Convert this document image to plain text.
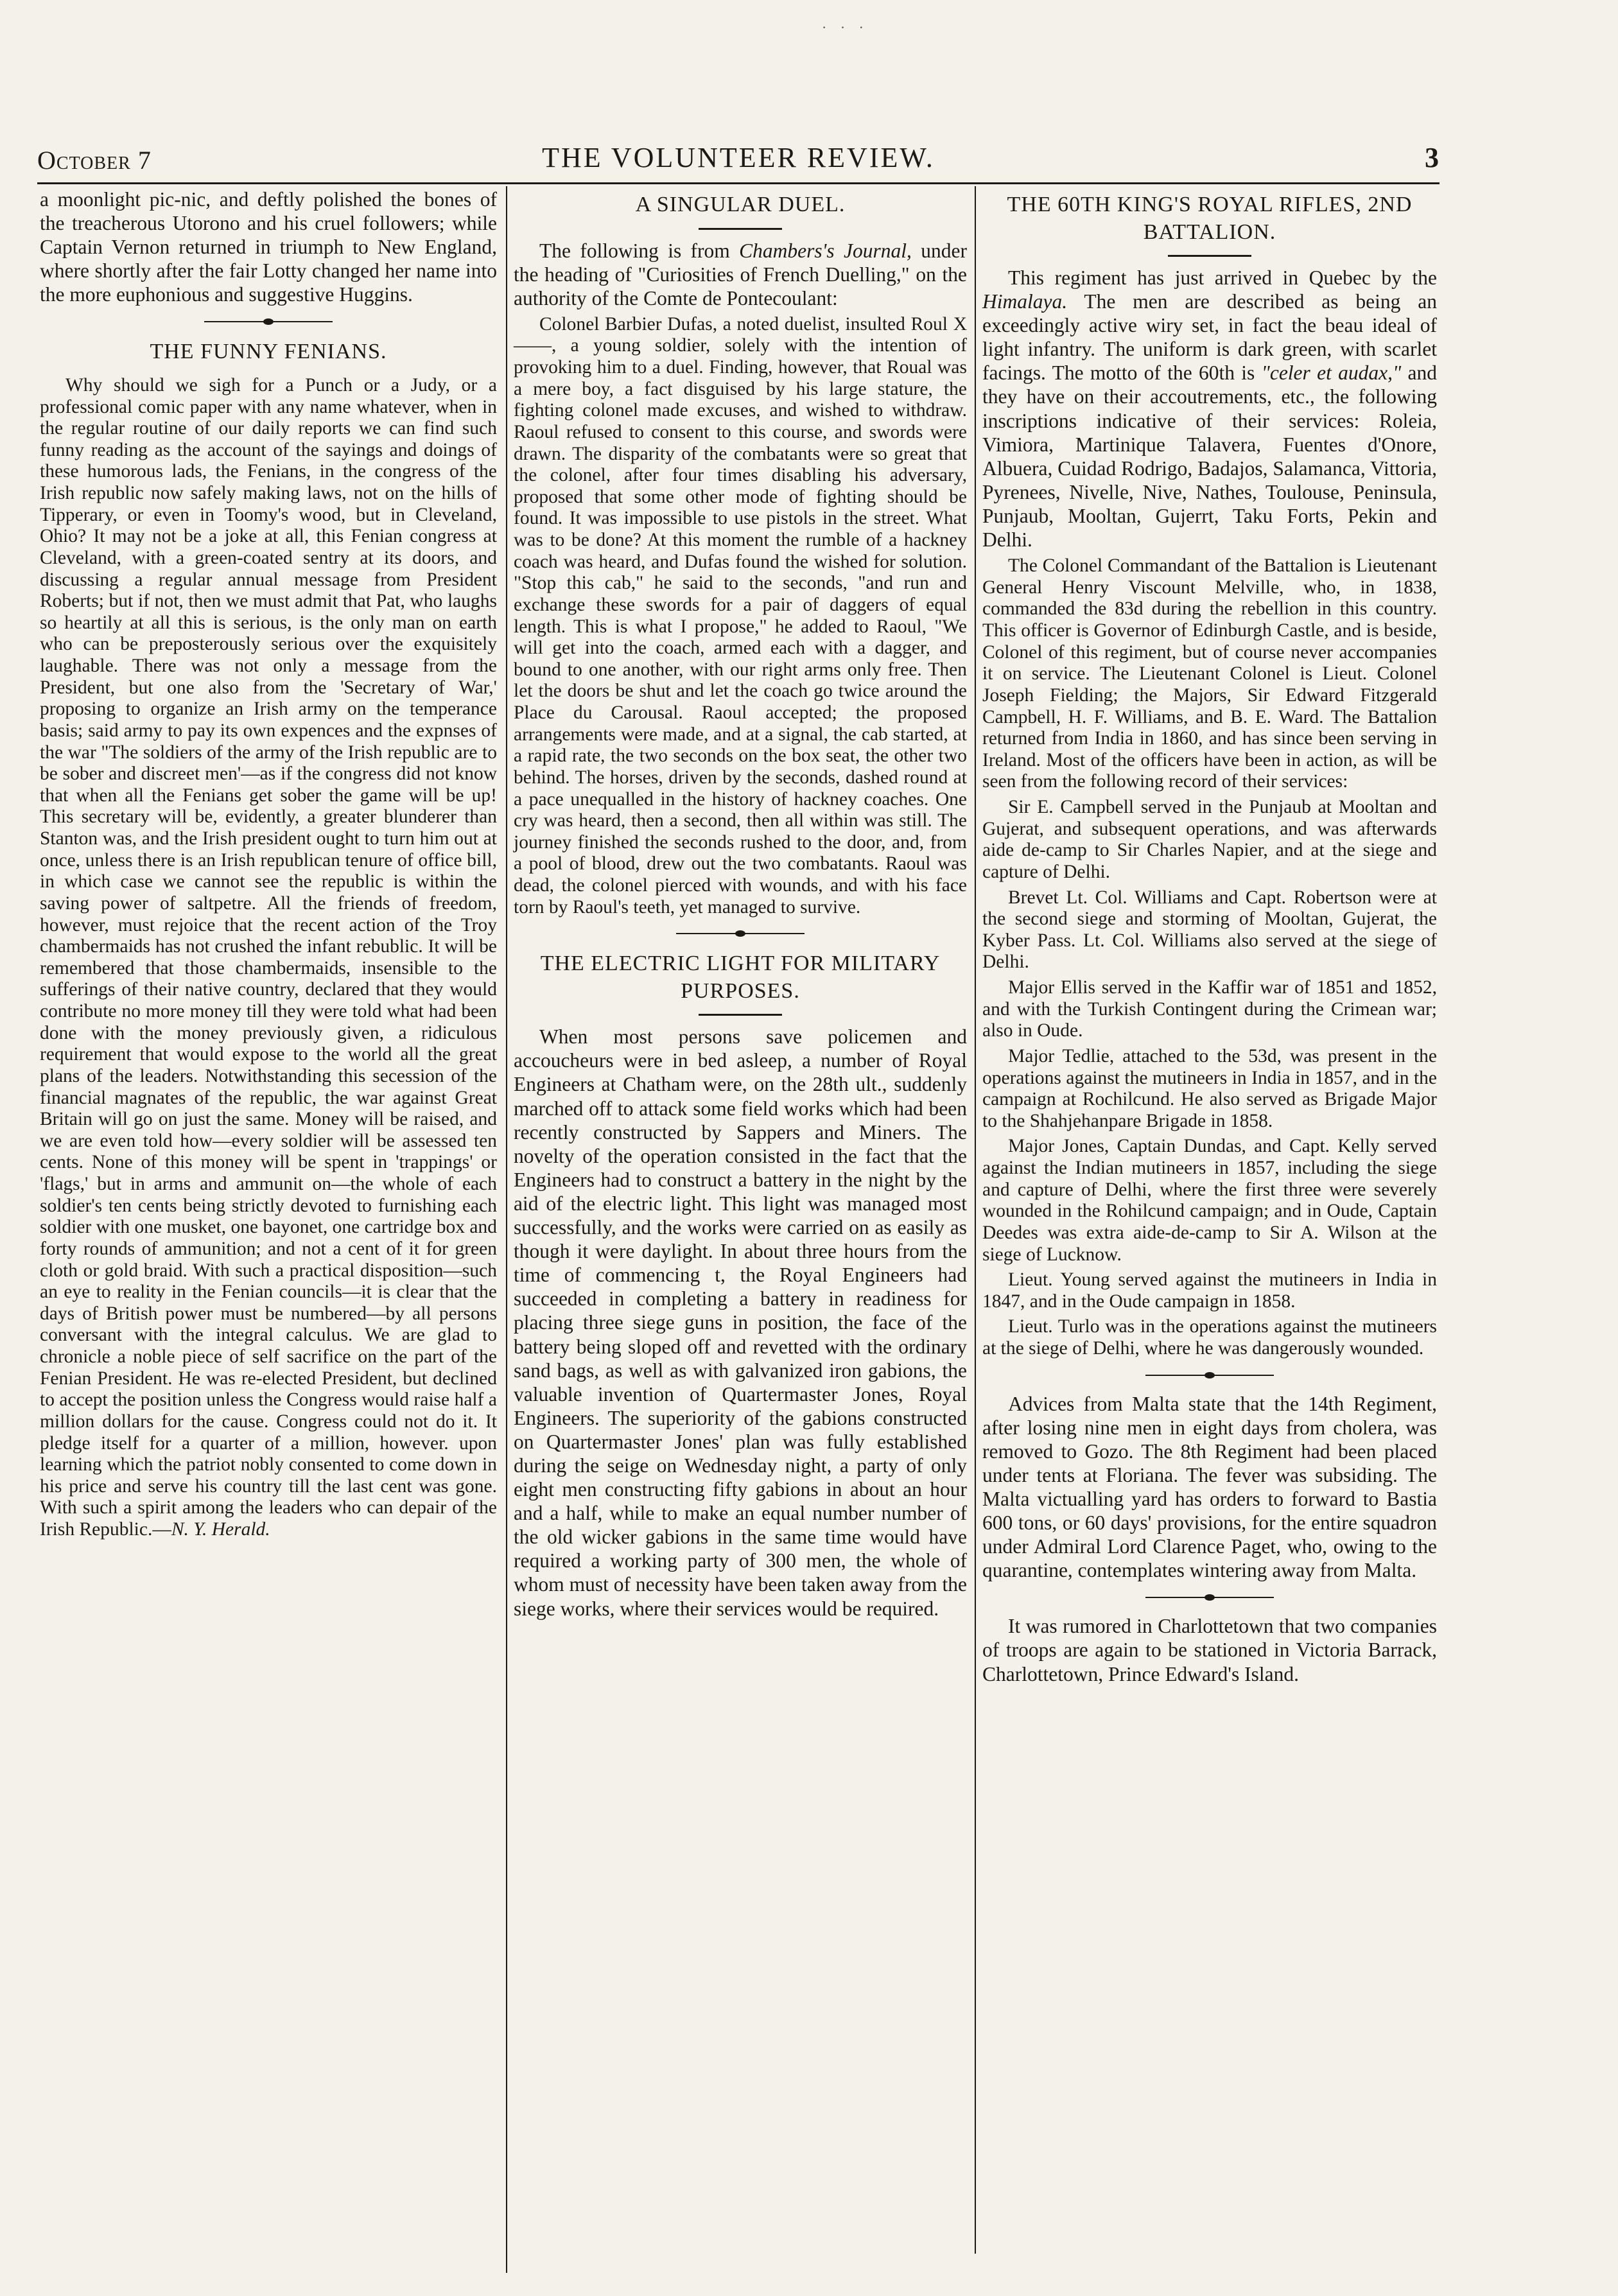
· · ·
October 7	THE VOLUNTEER REVIEW.	3

a moonlight pic-nic, and deftly polished the bones of the treacherous Utorono and his cruel followers; while Captain Vernon returned in triumph to New England, where shortly after the fair Lotty changed her name into the more euphonious and suggestive Huggins.

THE FUNNY FENIANS.

Why should we sigh for a Punch or a Judy, or a professional comic paper with any name whatever, when in the regular routine of our daily reports we can find such funny reading as the account of the sayings and doings of these humorous lads, the Fenians, in the congress of the Irish republic now safely making laws, not on the hills of Tipperary, or even in Toomy's wood, but in Cleveland, Ohio? It may not be a joke at all, this Fenian congress at Cleveland, with a green-coated sentry at its doors, and discussing a regular annual message from President Roberts; but if not, then we must admit that Pat, who laughs so heartily at all this is serious, is the only man on earth who can be preposterously serious over the exquisitely laughable. There was not only a message from the President, but one also from the 'Secretary of War,' proposing to organize an Irish army on the temperance basis; said army to pay its own expences and the expnses of the war "The soldiers of the army of the Irish republic are to be sober and discreet men'—as if the congress did not know that when all the Fenians get sober the game will be up! This secretary will be, evidently, a greater blunderer than Stanton was, and the Irish president ought to turn him out at once, unless there is an Irish republican tenure of office bill, in which case we cannot see the republic is within the saving power of saltpetre. All the friends of freedom, however, must rejoice that the recent action of the Troy chambermaids has not crushed the infant rebublic. It will be remembered that those chambermaids, insensible to the sufferings of their native country, declared that they would contribute no more money till they were told what had been done with the money previously given, a ridiculous requirement that would expose to the world all the great plans of the leaders. Notwithstanding this secession of the financial magnates of the republic, the war against Great Britain will go on just the same. Money will be raised, and we are even told how—every soldier will be assessed ten cents. None of this money will be spent in 'trappings' or 'flags,' but in arms and ammunit on—the whole of each soldier's ten cents being strictly devoted to furnishing each soldier with one musket, one bayonet, one cartridge box and forty rounds of ammunition; and not a cent of it for green cloth or gold braid. With such a practical disposition—such an eye to reality in the Fenian councils—it is clear that the days of British power must be numbered—by all persons conversant with the integral calculus. We are glad to chronicle a noble piece of self sacrifice on the part of the Fenian President. He was re-elected President, but declined to accept the position unless the Congress would raise half a million dollars for the cause. Congress could not do it. It pledge itself for a quarter of a million, however. upon learning which the patriot nobly consented to come down in his price and serve his country till the last cent was gone. With such a spirit among the leaders who can depair of the Irish Republic.—N. Y. Herald.

A SINGULAR DUEL.

The following is from Chambers's Journal, under the heading of "Curiosities of French Duelling," on the authority of the Comte de Pontecoulant:

Colonel Barbier Dufas, a noted duelist, insulted Roul X——, a young soldier, solely with the intention of provoking him to a duel. Finding, however, that Roual was a mere boy, a fact disguised by his large stature, the fighting colonel made excuses, and wished to withdraw. Raoul refused to consent to this course, and swords were drawn. The disparity of the combatants were so great that the colonel, after four times disabling his adversary, proposed that some other mode of fighting should be found. It was impossible to use pistols in the street. What was to be done? At this moment the rumble of a hackney coach was heard, and Dufas found the wished for solution. "Stop this cab," he said to the seconds, "and run and exchange these swords for a pair of daggers of equal length. This is what I propose," he added to Raoul, "We will get into the coach, armed each with a dagger, and bound to one another, with our right arms only free. Then let the doors be shut and let the coach go twice around the Place du Carousal. Raoul accepted; the proposed arrangements were made, and at a signal, the cab started, at a rapid rate, the two seconds on the box seat, the other two behind. The horses, driven by the seconds, dashed round at a pace unequalled in the history of hackney coaches. One cry was heard, then a second, then all within was still. The journey finished the seconds rushed to the door, and, from a pool of blood, drew out the two combatants. Raoul was dead, the colonel pierced with wounds, and with his face torn by Raoul's teeth, yet managed to survive.

THE ELECTRIC LIGHT FOR MILITARY PURPOSES.

When most persons save policemen and accoucheurs were in bed asleep, a number of Royal Engineers at Chatham were, on the 28th ult., suddenly marched off to attack some field works which had been recently constructed by Sappers and Miners. The novelty of the operation consisted in the fact that the Engineers had to construct a battery in the night by the aid of the electric light. This light was managed most successfully, and the works were carried on as easily as though it were daylight. In about three hours from the time of commencing t, the Royal Engineers had succeeded in completing a battery in readiness for placing three siege guns in position, the face of the battery being sloped off and revetted with the ordinary sand bags, as well as with galvanized iron gabions, the valuable invention of Quartermaster Jones, Royal Engineers. The superiority of the gabions constructed on Quartermaster Jones' plan was fully established during the seige on Wednesday night, a party of only eight men constructing fifty gabions in about an hour and a half, while to make an equal number number of the old wicker gabions in the same time would have required a working party of 300 men, the whole of whom must of necessity have been taken away from the siege works, where their services would be required.

THE 60TH KING'S ROYAL RIFLES, 2ND BATTALION.

This regiment has just arrived in Quebec by the Himalaya. The men are described as being an exceedingly active wiry set, in fact the beau ideal of light infantry. The uniform is dark green, with scarlet facings. The motto of the 60th is "celer et audax," and they have on their accoutrements, etc., the following inscriptions indicative of their services: Roleia, Vimiora, Martinique Talavera, Fuentes d'Onore, Albuera, Cuidad Rodrigo, Badajos, Salamanca, Vittoria, Pyrenees, Nivelle, Nive, Nathes, Toulouse, Peninsula, Punjaub, Mooltan, Gujerrt, Taku Forts, Pekin and Delhi.

The Colonel Commandant of the Battalion is Lieutenant General Henry Viscount Melville, who, in 1838, commanded the 83d during the rebellion in this country. This officer is Governor of Edinburgh Castle, and is beside, Colonel of this regiment, but of course never accompanies it on service. The Lieutenant Colonel is Lieut. Colonel Joseph Fielding; the Majors, Sir Edward Fitzgerald Campbell, H. F. Williams, and B. E. Ward. The Battalion returned from India in 1860, and has since been serving in Ireland. Most of the officers have been in action, as will be seen from the following record of their services:

Sir E. Campbell served in the Punjaub at Mooltan and Gujerat, and subsequent operations, and was afterwards aide de-camp to Sir Charles Napier, and at the siege and capture of Delhi.

Brevet Lt. Col. Williams and Capt. Robertson were at the second siege and storming of Mooltan, Gujerat, the Kyber Pass. Lt. Col. Williams also served at the siege of Delhi.

Major Ellis served in the Kaffir war of 1851 and 1852, and with the Turkish Contingent during the Crimean war; also in Oude.

Major Tedlie, attached to the 53d, was present in the operations against the mutineers in India in 1857, and in the campaign at Rochilcund. He also served as Brigade Major to the Shahjehanpare Brigade in 1858.

Major Jones, Captain Dundas, and Capt. Kelly served against the Indian mutineers in 1857, including the siege and capture of Delhi, where the first three were severely wounded in the Rohilcund campaign; and in Oude, Captain Deedes was extra aide-de-camp to Sir A. Wilson at the siege of Lucknow.

Lieut. Young served against the mutineers in India in 1847, and in the Oude campaign in 1858.

Lieut. Turlo was in the operations against the mutineers at the siege of Delhi, where he was dangerously wounded.

Advices from Malta state that the 14th Regiment, after losing nine men in eight days from cholera, was removed to Gozo. The 8th Regiment had been placed under tents at Floriana. The fever was subsiding. The Malta victualling yard has orders to forward to Bastia 600 tons, or 60 days' provisions, for the entire squadron under Admiral Lord Clarence Paget, who, owing to the quarantine, contemplates wintering away from Malta.

It was rumored in Charlottetown that two companies of troops are again to be stationed in Victoria Barrack, Charlottetown, Prince Edward's Island.
